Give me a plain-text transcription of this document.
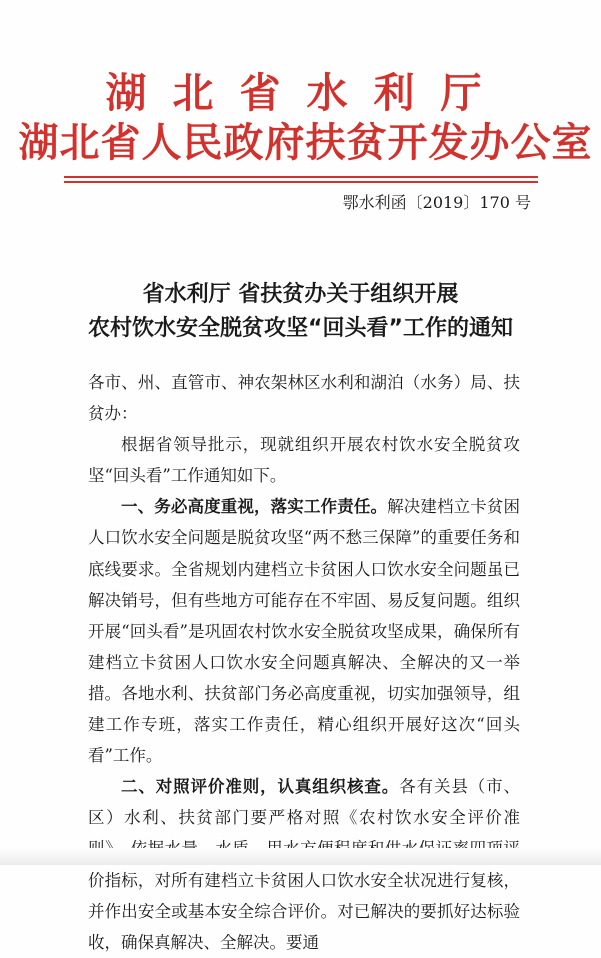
湖北省水利厅
湖北省人民政府扶贫开发办公室
鄂水利函〔2019〕170 号
省水利厅 省扶贫办关于组织开展
农村饮水安全脱贫攻坚“回头看”工作的通知

各市、州、直管市、神农架林区水利和湖泊（水务）局、扶贫办：

根据省领导批示，现就组织开展农村饮水安全脱贫攻坚“回头看”工作通知如下。

一、务必高度重视，落实工作责任。解决建档立卡贫困人口饮水安全问题是脱贫攻坚“两不愁三保障”的重要任务和底线要求。全省规划内建档立卡贫困人口饮水安全问题虽已解决销号，但有些地方可能存在不牢固、易反复问题。组织开展“回头看”是巩固农村饮水安全脱贫攻坚成果，确保所有建档立卡贫困人口饮水安全问题真解决、全解决的又一举措。各地水利、扶贫部门务必高度重视，切实加强领导，组建工作专班，落实工作责任，精心组织开展好这次“回头看”工作。

二、对照评价准则，认真组织核查。各有关县（市、区）水利、扶贫部门要严格对照《农村饮水安全评价准 价指标，对所有建档立卡贫困人口饮水安全状况进行复核，并作出安全或基本安全综合评价。对已解决的要抓好达标验收，确保真解决、全解决。要通
